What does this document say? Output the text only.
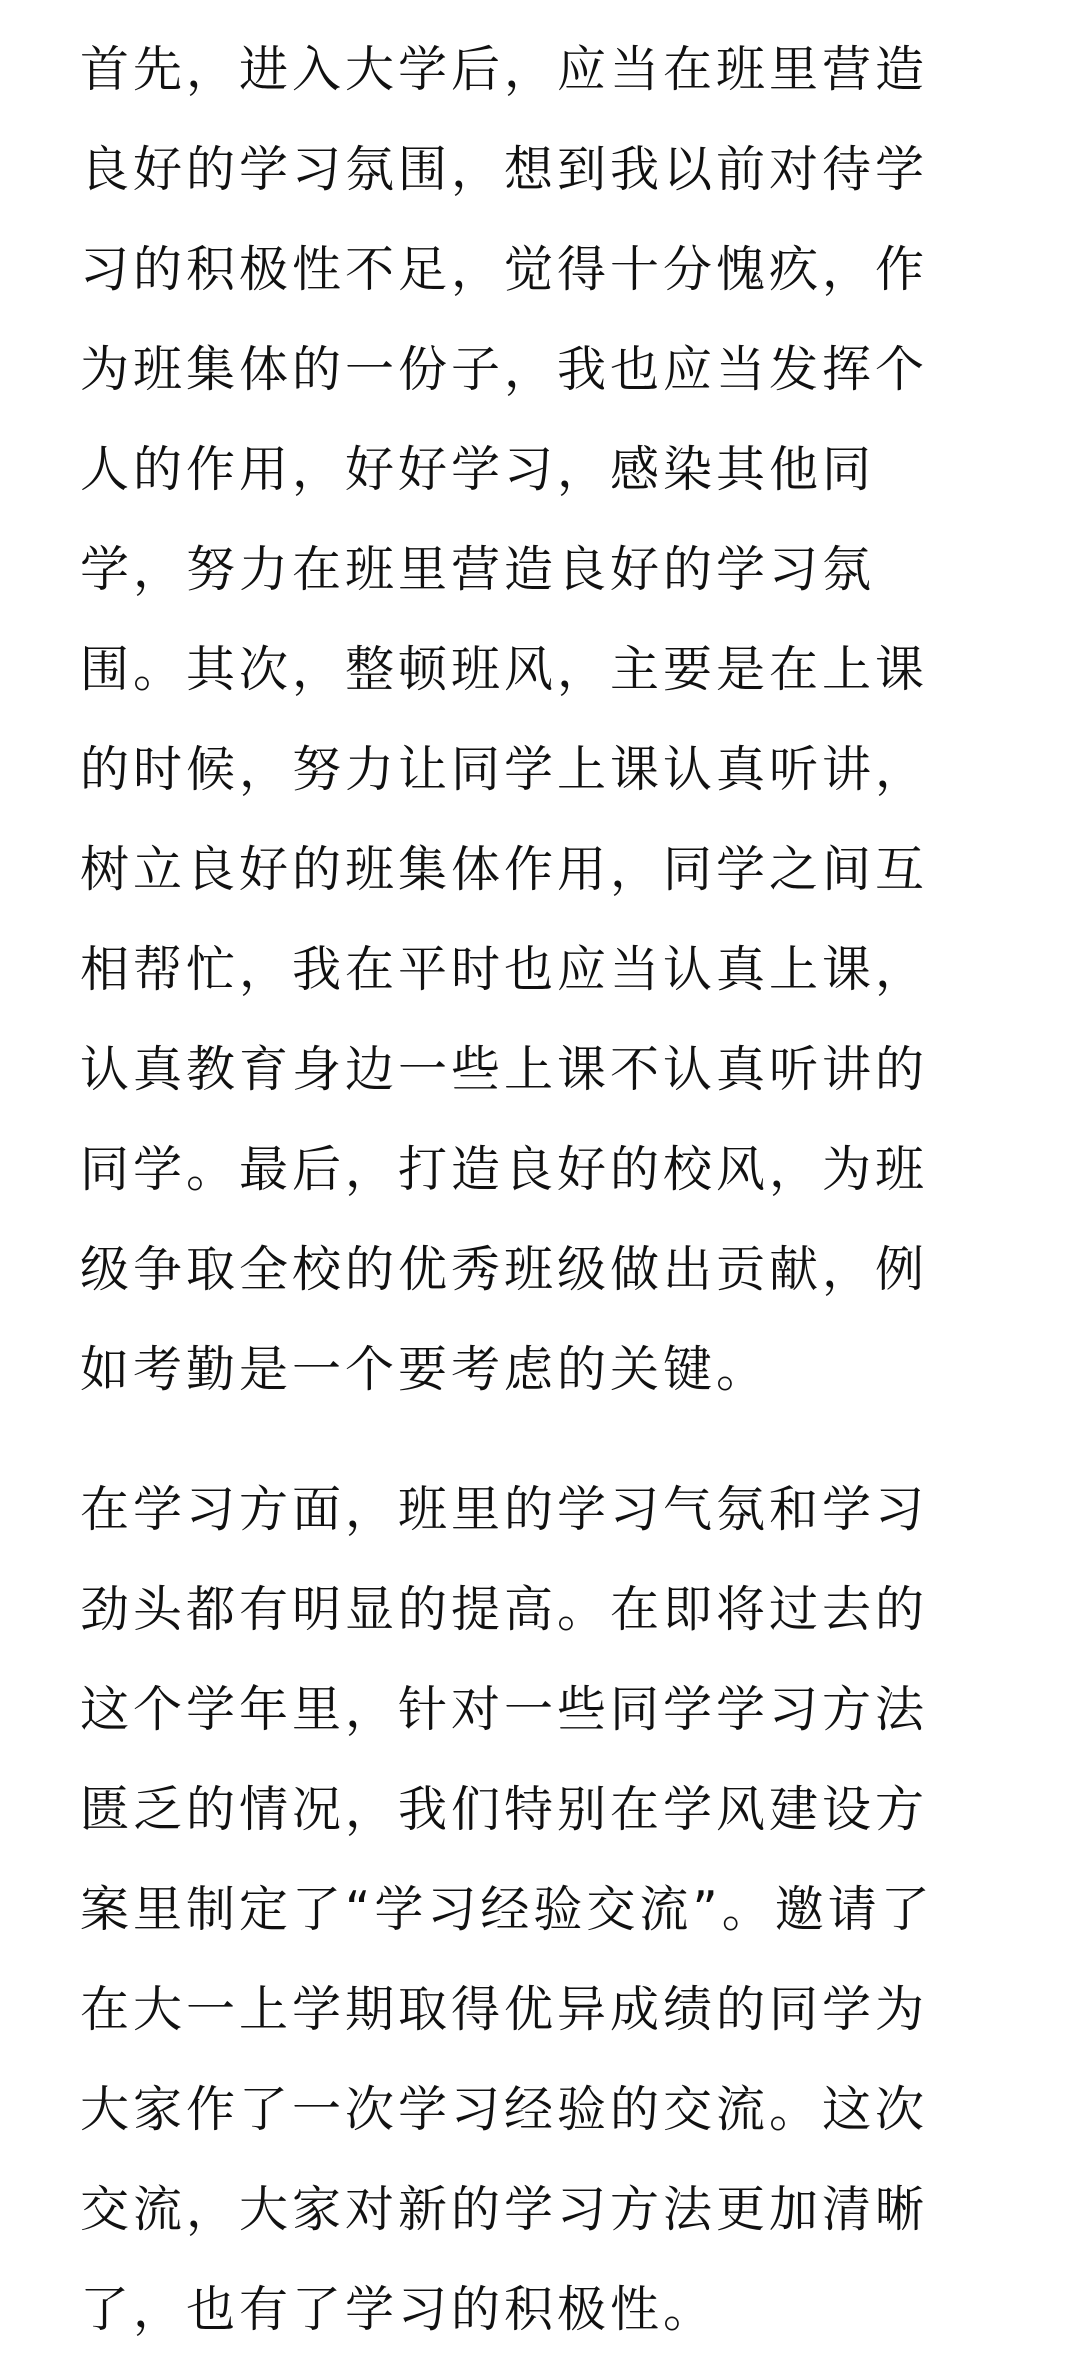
首先，进入大学后，应当在班里营造
良好的学习氛围，想到我以前对待学
习的积极性不足，觉得十分愧疚，作
为班集体的一份子，我也应当发挥个
人的作用，好好学习，感染其他同
学，努力在班里营造良好的学习氛
围。其次，整顿班风，主要是在上课
的时候，努力让同学上课认真听讲，
树立良好的班集体作用，同学之间互
相帮忙，我在平时也应当认真上课，
认真教育身边一些上课不认真听讲的
同学。最后，打造良好的校风，为班
级争取全校的优秀班级做出贡献，例
如考勤是一个要考虑的关键。
在学习方面，班里的学习气氛和学习
劲头都有明显的提高。在即将过去的
这个学年里，针对一些同学学习方法
匮乏的情况，我们特别在学风建设方
案里制定了“学习经验交流”。邀请了
在大一上学期取得优异成绩的同学为
大家作了一次学习经验的交流。这次
交流，大家对新的学习方法更加清晰
了，也有了学习的积极性。
